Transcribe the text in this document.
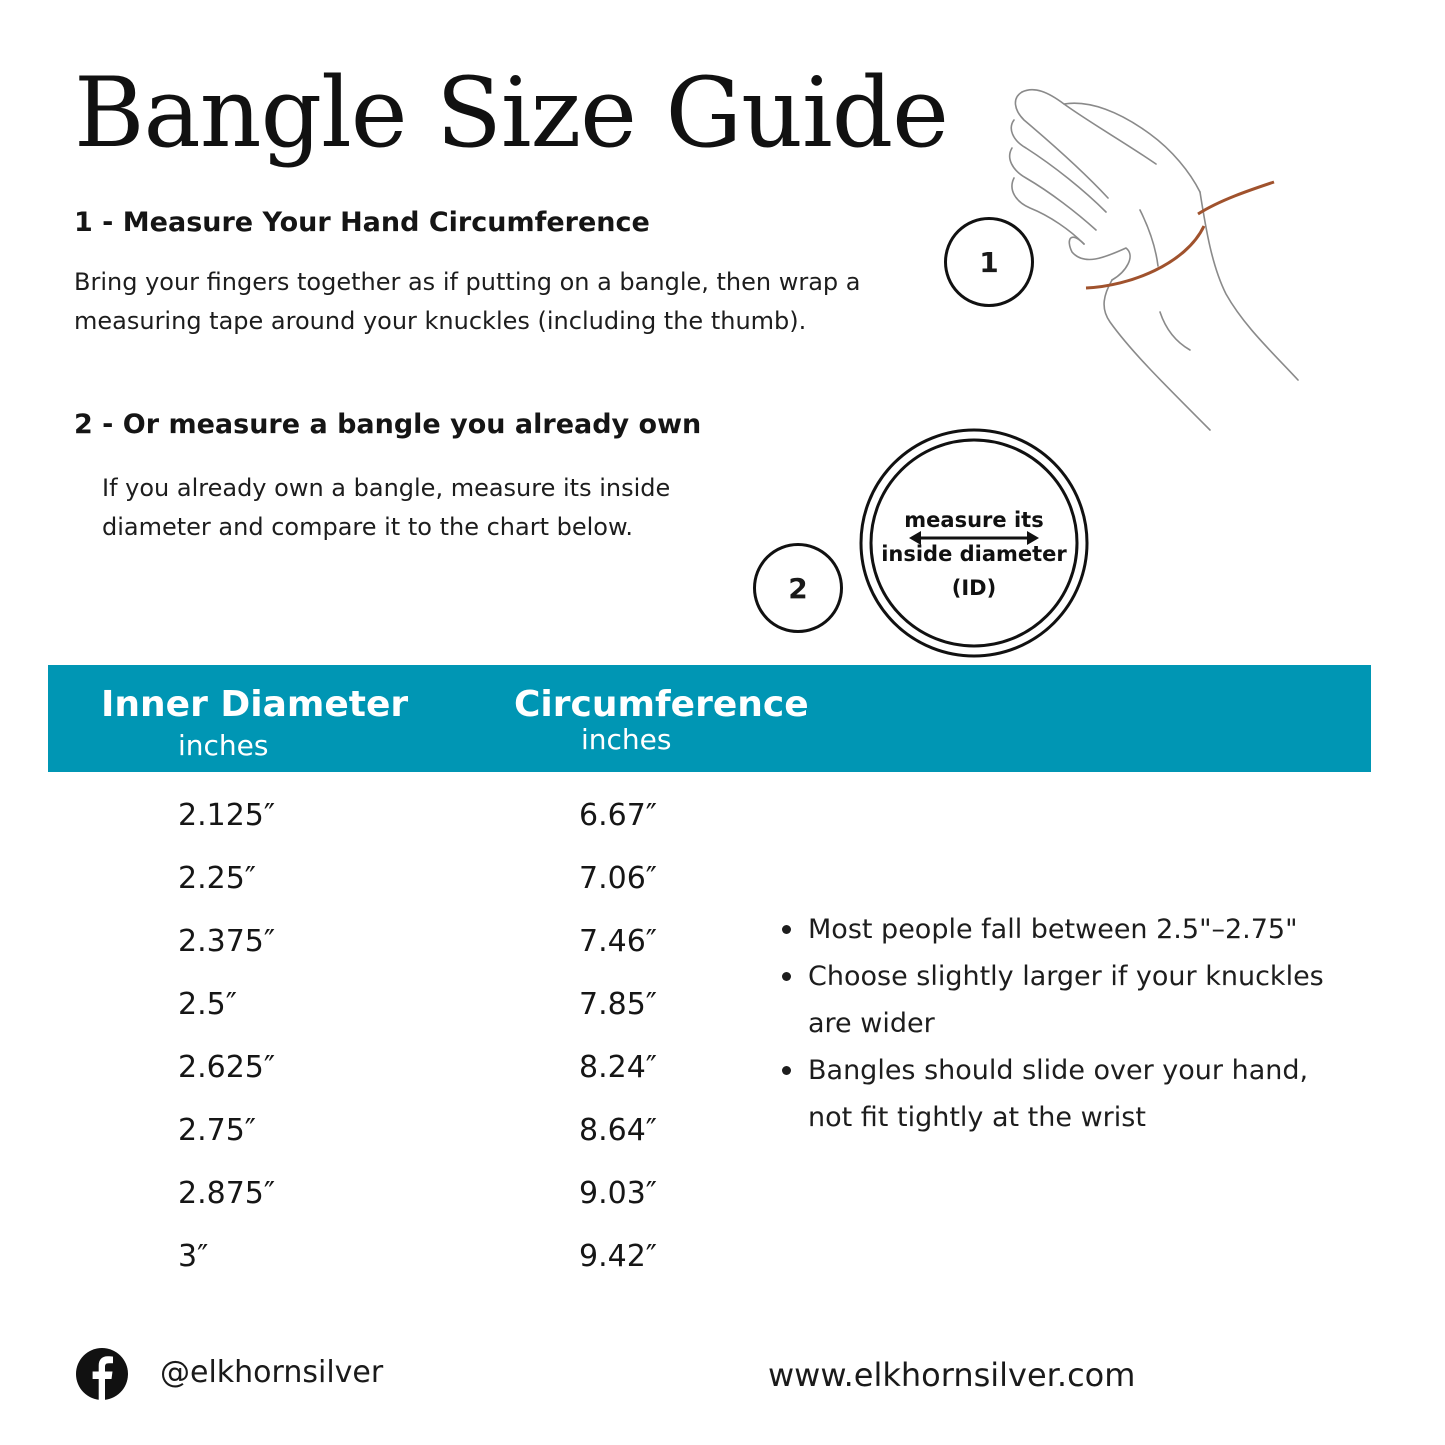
Bangle Size Guide
1 - Measure Your Hand Circumference

Bring your fingers together as if putting on a bangle, then wrap a measuring tape around your knuckles (including the thumb).

1
2 - Or measure a bangle you already own

If you already own a bangle, measure its inside diameter and compare it to the chart below.

2
measure its
inside diameter
(ID)
Inner Diameter
inches
Circumference
inches
2.125″	6.67″
2.25″	7.06″
2.375″	7.46″
2.5″	7.85″
2.625″	8.24″
2.75″	8.64″
2.875″	9.03″
3″	9.42″
Most people fall between 2.5"–2.75"
Choose slightly larger if your knuckles are wider
Bangles should slide over your hand, not fit tightly at the wrist
@elkhornsilver	www.elkhornsilver.com
